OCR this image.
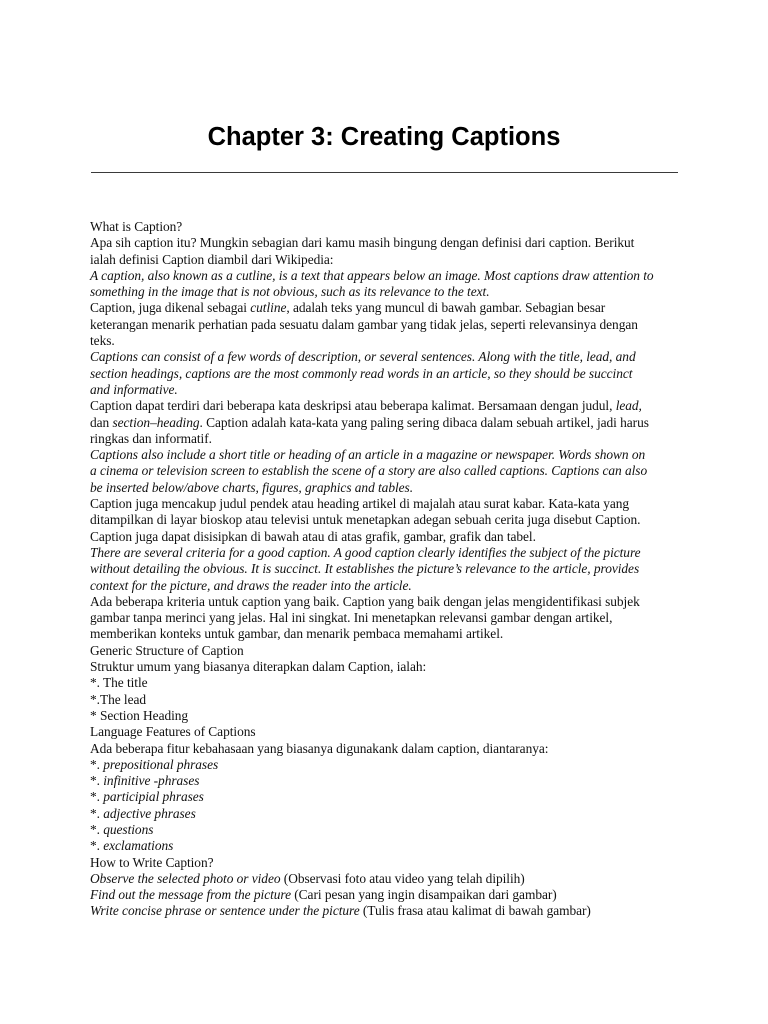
Chapter 3: Creating Captions
What is Caption?
Apa sih caption itu? Mungkin sebagian dari kamu masih bingung dengan definisi dari caption. Berikut
ialah definisi Caption diambil dari Wikipedia:
A caption, also known as a cutline, is a text that appears below an image. Most captions draw attention to
something in the image that is not obvious, such as its relevance to the text.
Caption, juga dikenal sebagai cutline, adalah teks yang muncul di bawah gambar. Sebagian besar
keterangan menarik perhatian pada sesuatu dalam gambar yang tidak jelas, seperti relevansinya dengan
teks.
Captions can consist of a few words of description, or several sentences. Along with the title, lead, and
section headings, captions are the most commonly read words in an article, so they should be succinct
and informative.
Caption dapat terdiri dari beberapa kata deskripsi atau beberapa kalimat. Bersamaan dengan judul, lead,
dan section–heading. Caption adalah kata-kata yang paling sering dibaca dalam sebuah artikel, jadi harus
ringkas dan informatif.
Captions also include a short title or heading of an article in a magazine or newspaper. Words shown on
a cinema or television screen to establish the scene of a story are also called captions. Captions can also
be inserted below/above charts, figures, graphics and tables.
Caption juga mencakup judul pendek atau heading artikel di majalah atau surat kabar. Kata-kata yang
ditampilkan di layar bioskop atau televisi untuk menetapkan adegan sebuah cerita juga disebut Caption.
Caption juga dapat disisipkan di bawah atau di atas grafik, gambar, grafik dan tabel.
There are several criteria for a good caption. A good caption clearly identifies the subject of the picture
without detailing the obvious. It is succinct. It establishes the picture’s relevance to the article, provides
context for the picture, and draws the reader into the article.
Ada beberapa kriteria untuk caption yang baik. Caption yang baik dengan jelas mengidentifikasi subjek
gambar tanpa merinci yang jelas. Hal ini singkat. Ini menetapkan relevansi gambar dengan artikel,
memberikan konteks untuk gambar, dan menarik pembaca memahami artikel.
Generic Structure of Caption
Struktur umum yang biasanya diterapkan dalam Caption, ialah:
*. The title
*.The lead
* Section Heading
Language Features of Captions
Ada beberapa fitur kebahasaan yang biasanya digunakank dalam caption, diantaranya:
*. prepositional phrases
*. infinitive -phrases
*. participial phrases
*. adjective phrases
*. questions
*. exclamations
How to Write Caption?
Observe the selected photo or video (Observasi foto atau video yang telah dipilih)
Find out the message from the picture (Cari pesan yang ingin disampaikan dari gambar)
Write concise phrase or sentence under the picture (Tulis frasa atau kalimat di bawah gambar)
